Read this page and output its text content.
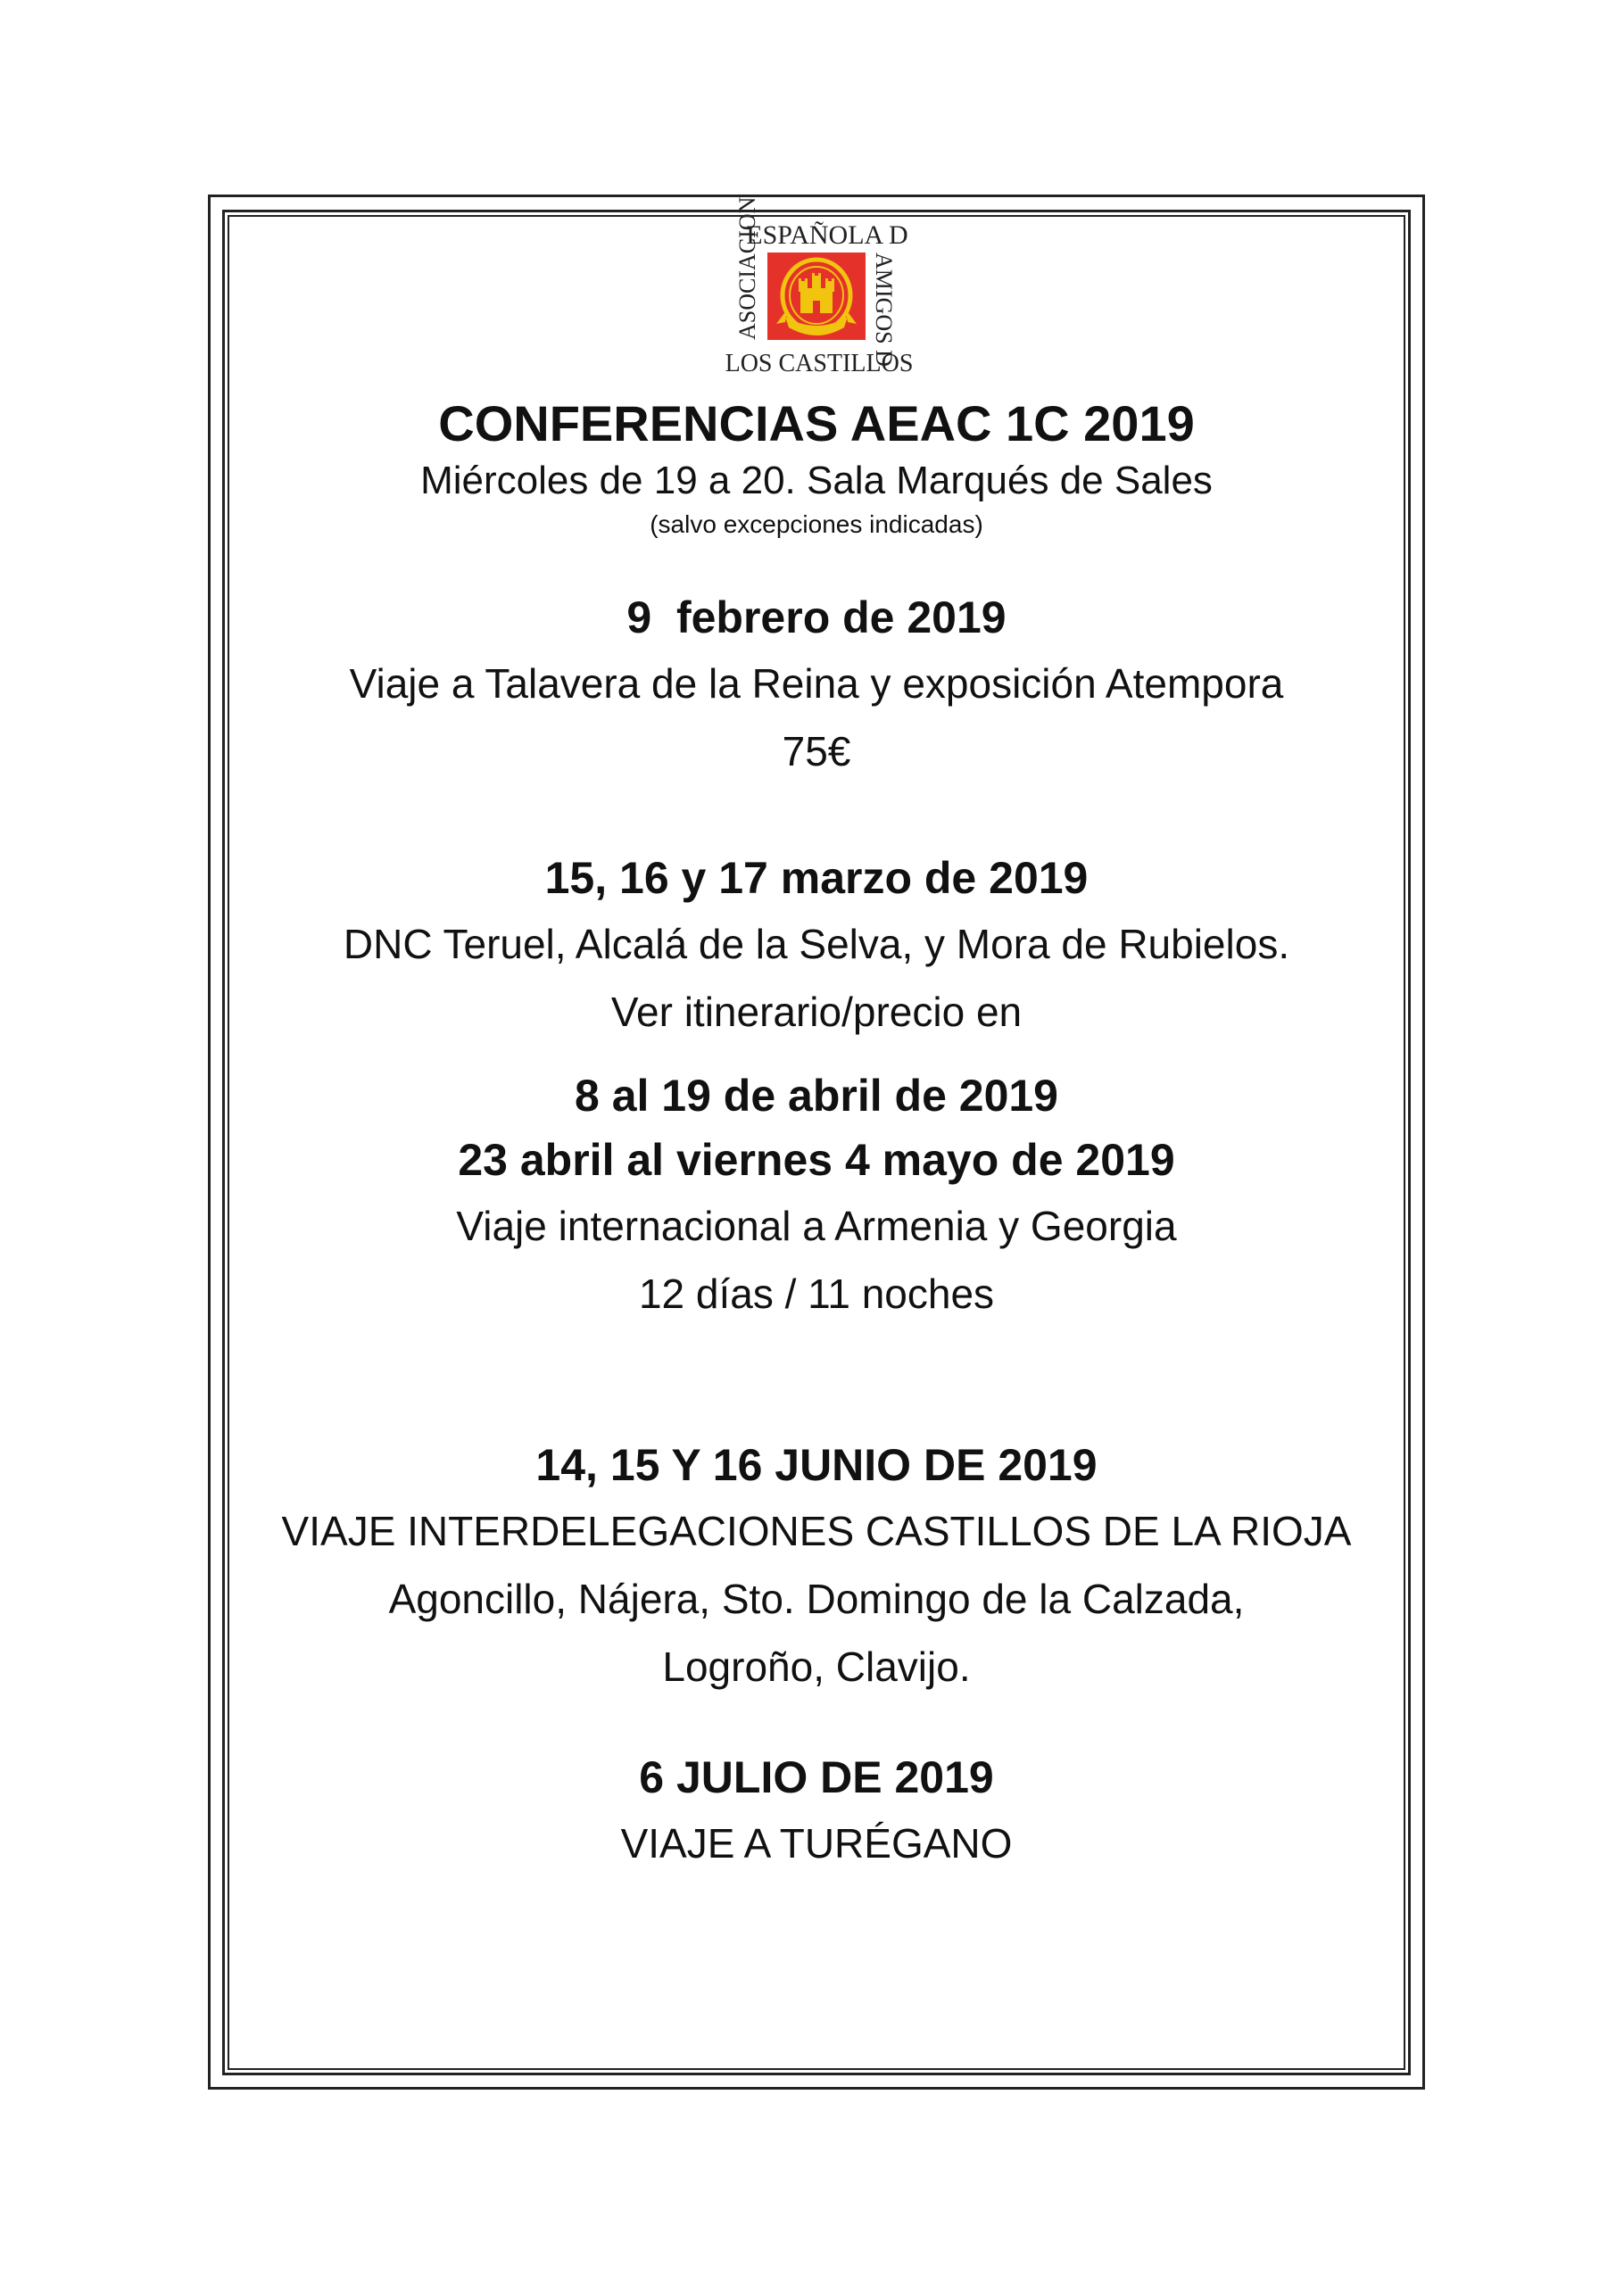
ESPAÑOLA D
LOS CASTILLOS
ASOCIACION	AMIGOS D
CONFERENCIAS AEAC 1C 2019

Miércoles de 19 a 20. Sala Marqués de Sales

(salvo excepciones indicadas)

9  febrero de 2019

Viaje a Talavera de la Reina y exposición Atempora

75€

15, 16 y 17 marzo de 2019

DNC Teruel, Alcalá de la Selva, y Mora de Rubielos.

Ver itinerario/precio en

8 al 19 de abril de 2019

23 abril al viernes 4 mayo de 2019

Viaje internacional a Armenia y Georgia

12 días / 11 noches

14, 15 Y 16 JUNIO DE 2019

VIAJE INTERDELEGACIONES CASTILLOS DE LA RIOJA

Agoncillo, Nájera, Sto. Domingo de la Calzada,

Logroño, Clavijo.

6 JULIO DE 2019

VIAJE A TURÉGANO
